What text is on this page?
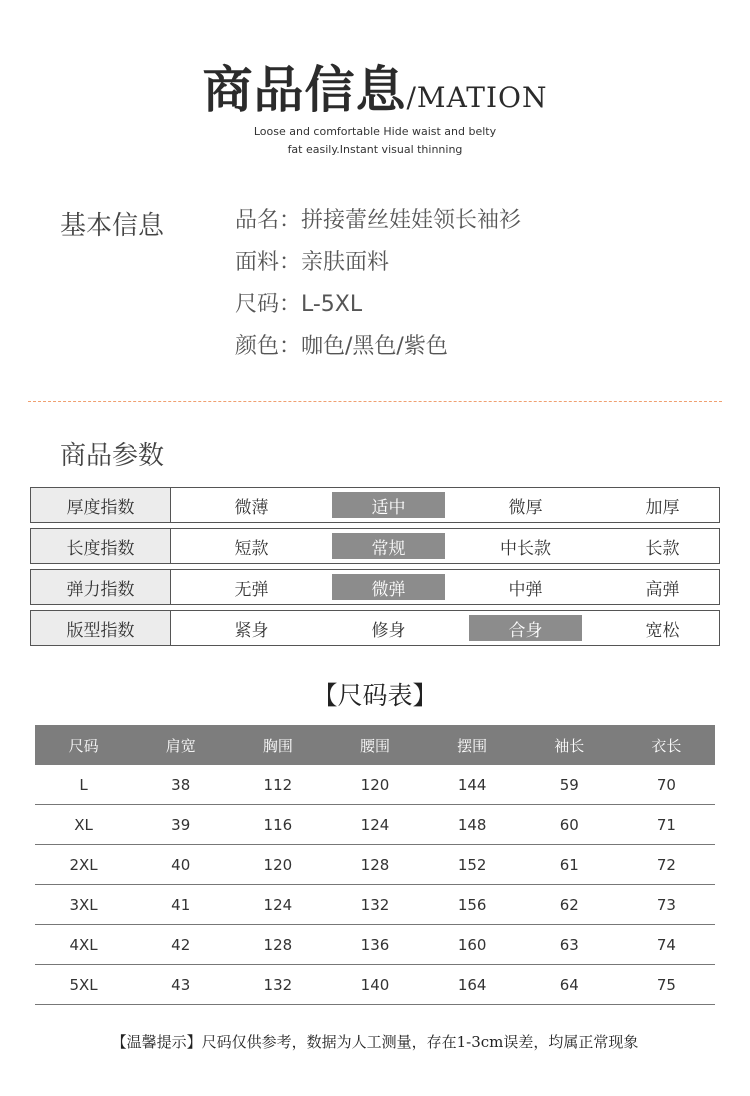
商品信息/MATION
Loose and comfortable Hide waist and belty
fat easily.Instant visual thinning
基本信息	品名：拼接蕾丝娃娃领长袖衫
面料：亲肤面料
尺码：L-5XL
颜色：咖色/黑色/紫色
商品参数
厚度指数	微薄	适中	微厚	加厚
长度指数	短款	常规	中长款	长款
弹力指数	无弹	微弹	中弹	高弹
版型指数	紧身	修身	合身	宽松
【尺码表】
尺码	肩宽	胸围	腰围	摆围	袖长	衣长
L	38	112	120	144	59	70
XL	39	116	124	148	60	71
2XL	40	120	128	152	61	72
3XL	41	124	132	156	62	73
4XL	42	128	136	160	63	74
5XL	43	132	140	164	64	75
【温馨提示】尺码仅供参考，数据为人工测量，存在1-3cm误差，均属正常现象
